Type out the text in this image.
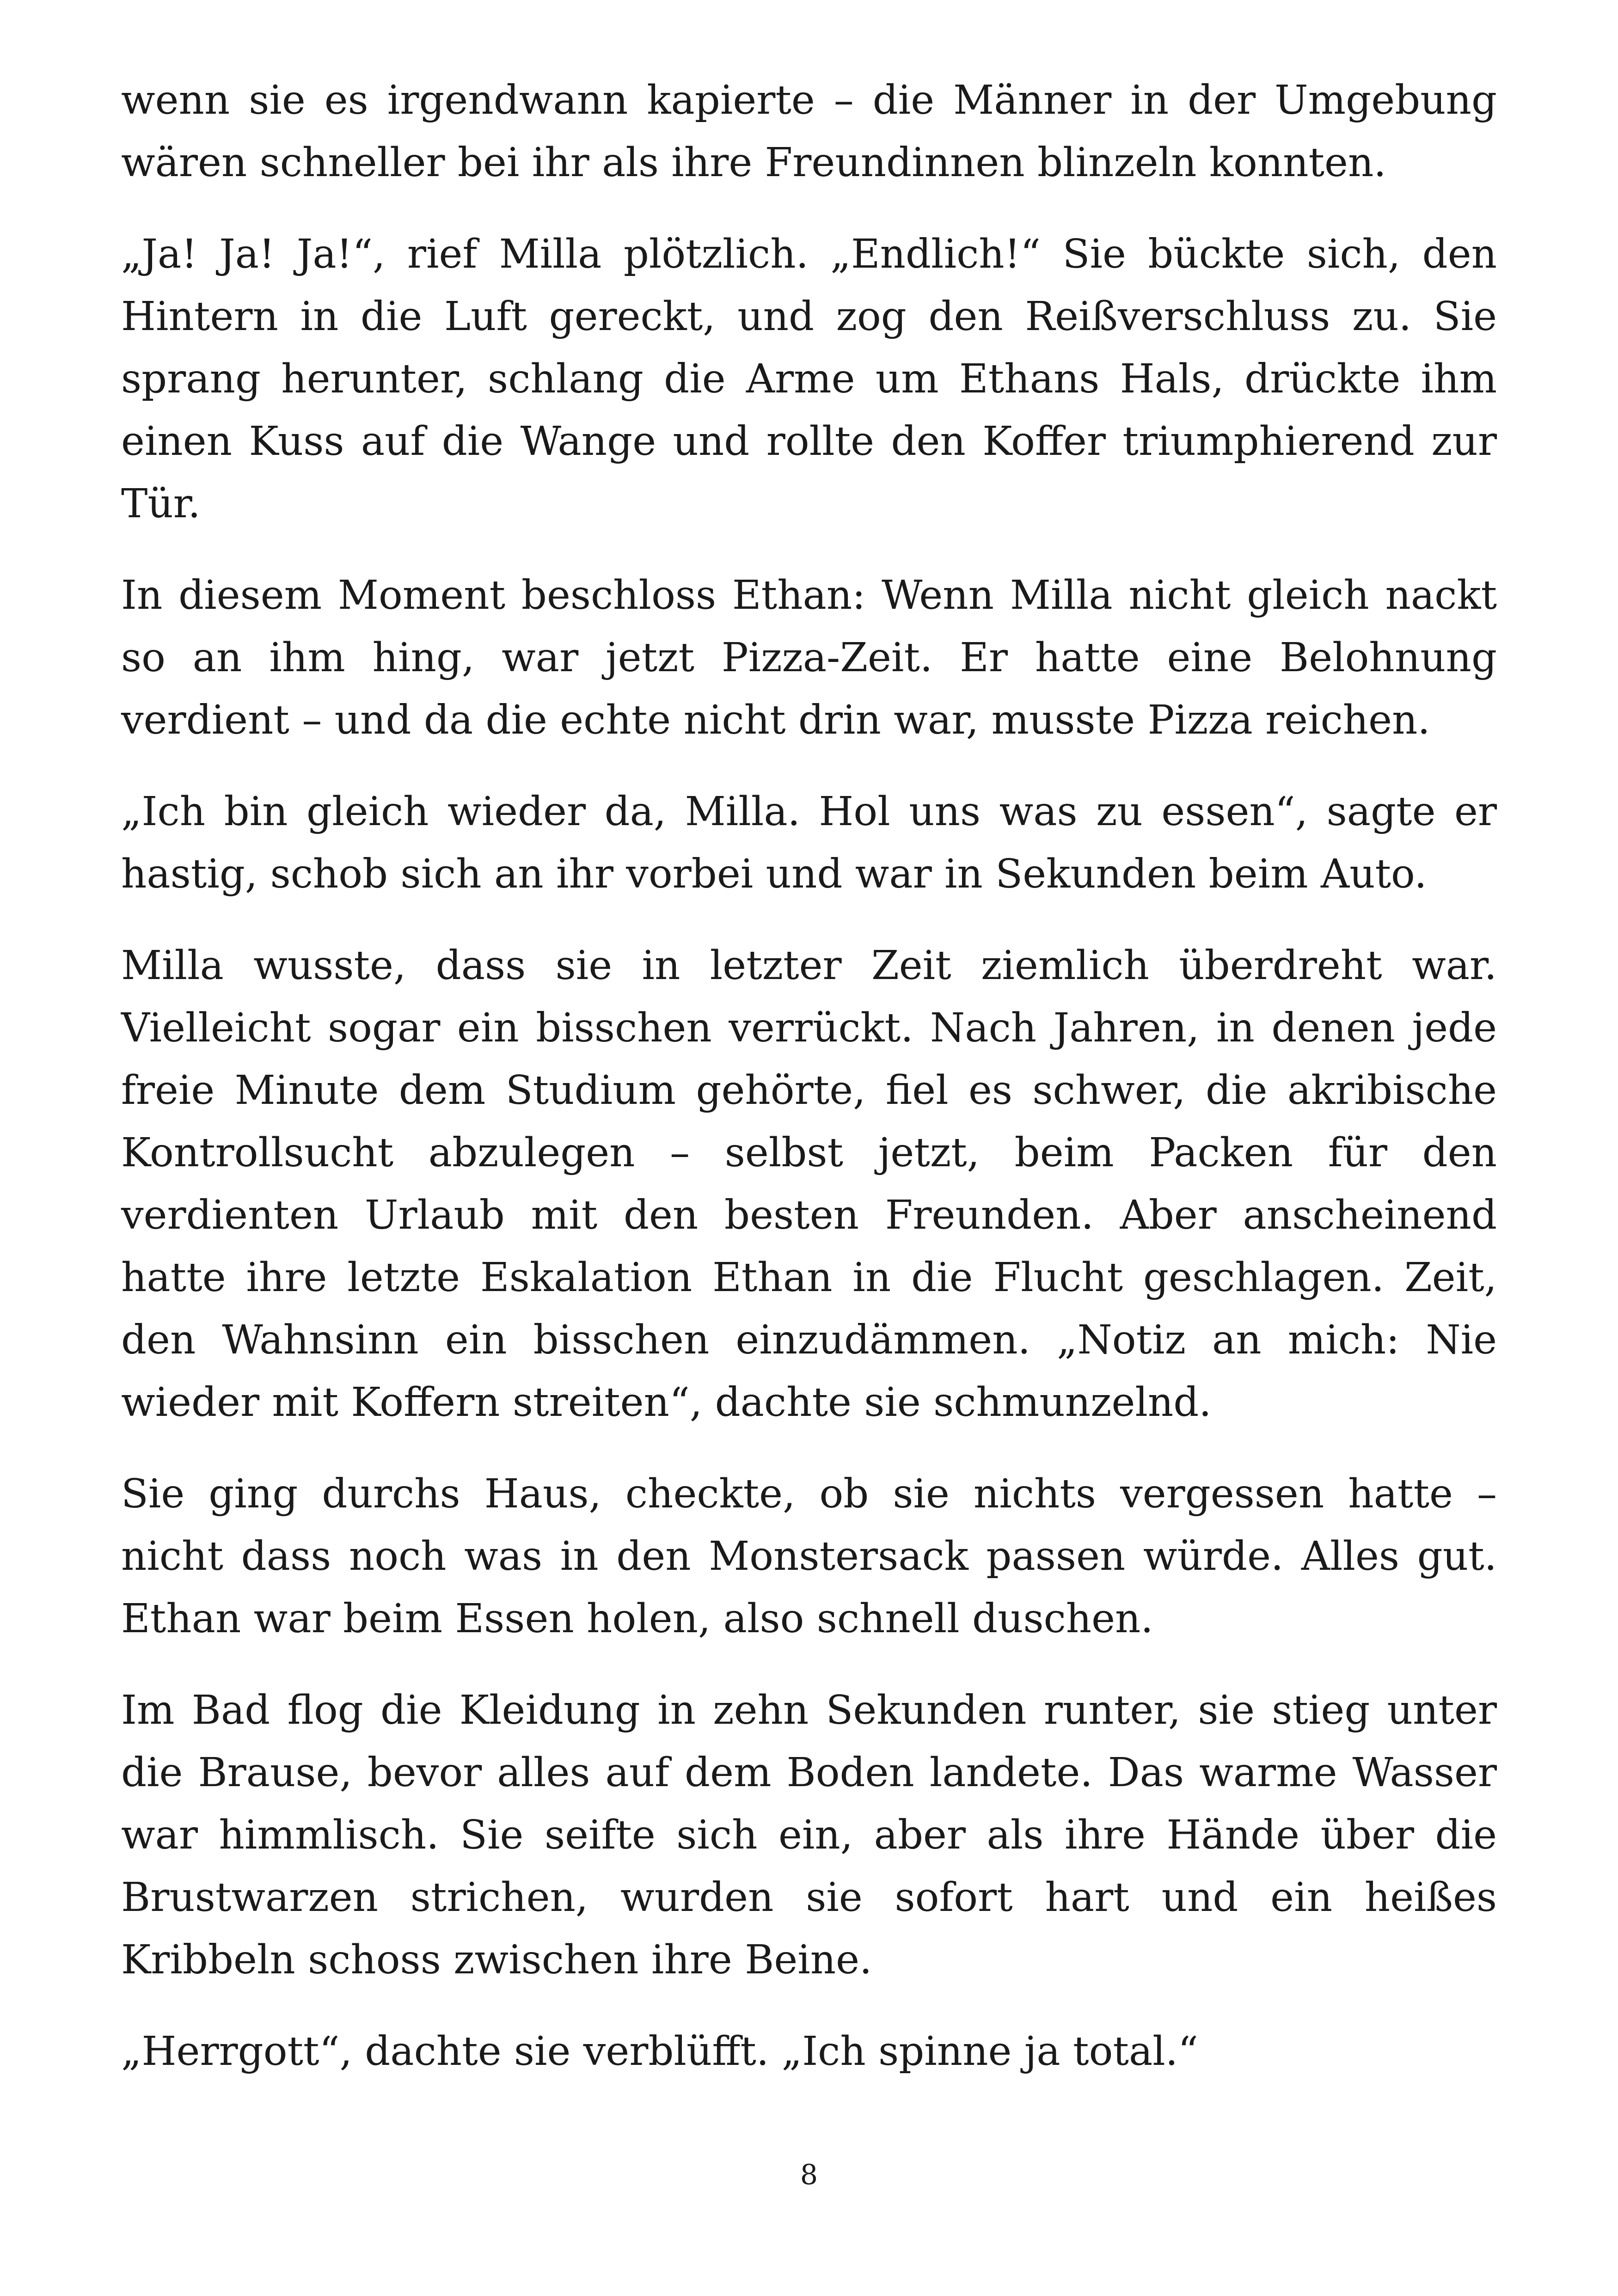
wenn sie es irgendwann kapierte – die Männer in der Umgebung wären schneller bei ihr als ihre Freundinnen blinzeln konnten.

„Ja! Ja! Ja!“, rief Milla plötzlich. „Endlich!“ Sie bückte sich, den Hintern in die Luft gereckt, und zog den Reißverschluss zu. Sie sprang herunter, schlang die Arme um Ethans Hals, drückte ihm einen Kuss auf die Wange und rollte den Koffer triumphierend zur Tür.

In diesem Moment beschloss Ethan: Wenn Milla nicht gleich nackt so an ihm hing, war jetzt Pizza-Zeit. Er hatte eine Belohnung verdient – und da die echte nicht drin war, musste Pizza reichen.

„Ich bin gleich wieder da, Milla. Hol uns was zu essen“, sagte er hastig, schob sich an ihr vorbei und war in Sekunden beim Auto.

Milla wusste, dass sie in letzter Zeit ziemlich überdreht war. Vielleicht sogar ein bisschen verrückt. Nach Jahren, in denen jede freie Minute dem Studium gehörte, fiel es schwer, die akribische Kontrollsucht abzulegen – selbst jetzt, beim Packen für den verdienten Urlaub mit den besten Freunden. Aber anscheinend hatte ihre letzte Eskalation Ethan in die Flucht geschlagen. Zeit, den Wahnsinn ein bisschen einzudämmen. „Notiz an mich: Nie wieder mit Koffern streiten“, dachte sie schmunzelnd.

Sie ging durchs Haus, checkte, ob sie nichts vergessen hatte – nicht dass noch was in den Monstersack passen würde. Alles gut. Ethan war beim Essen holen, also schnell duschen.

Im Bad flog die Kleidung in zehn Sekunden runter, sie stieg unter die Brause, bevor alles auf dem Boden landete. Das warme Wasser war himmlisch. Sie seifte sich ein, aber als ihre Hände über die Brustwarzen strichen, wurden sie sofort hart und ein heißes Kribbeln schoss zwischen ihre Beine.

„Herrgott“, dachte sie verblüfft. „Ich spinne ja total.“

8
